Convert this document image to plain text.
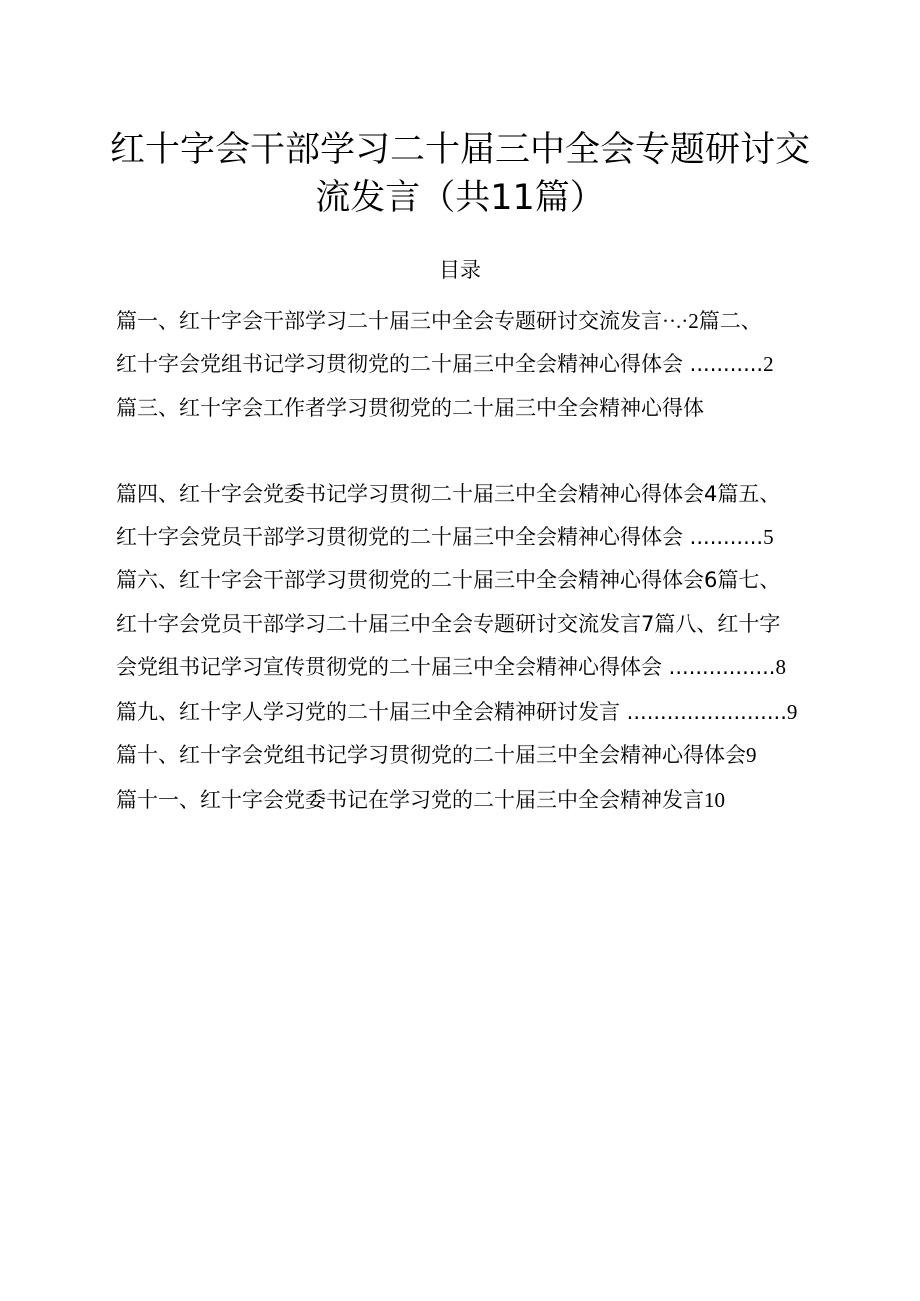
红十字会干部学习二十届三中全会专题研讨交
流发言（共11篇）
目录
篇一、红十字会干部学习二十届三中全会专题研讨交流发言··.·2篇二、
红十字会党组书记学习贯彻党的二十届三中全会精神心得体会 ...........2
篇三、红十字会工作者学习贯彻党的二十届三中全会精神心得体
篇四、红十字会党委书记学习贯彻二十届三中全会精神心得体会4篇五、
红十字会党员干部学习贯彻党的二十届三中全会精神心得体会 ...........5
篇六、红十字会干部学习贯彻党的二十届三中全会精神心得体会6篇七、
红十字会党员干部学习二十届三中全会专题研讨交流发言7篇八、红十字
会党组书记学习宣传贯彻党的二十届三中全会精神心得体会 ................8
篇九、红十字人学习党的二十届三中全会精神研讨发言 ........................9
篇十、红十字会党组书记学习贯彻党的二十届三中全会精神心得体会9
篇十一、红十字会党委书记在学习党的二十届三中全会精神发言10
